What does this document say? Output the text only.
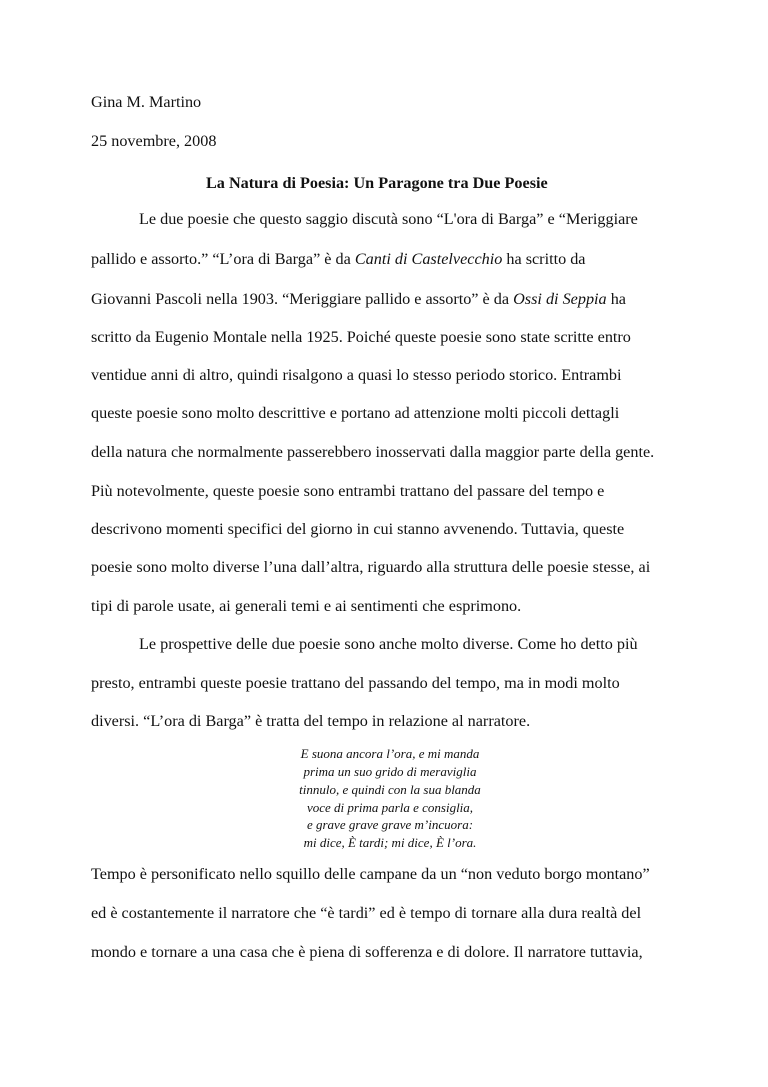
Gina M. Martino

25 novembre, 2008

La Natura di Poesia: Un Paragone tra Due Poesie

Le due poesie che questo saggio discutà sono “L'ora di Barga” e “Meriggiare

pallido e assorto.” “L’ora di Barga” è da Canti di Castelvecchio ha scritto da

Giovanni Pascoli nella 1903. “Meriggiare pallido e assorto” è da Ossi di Seppia ha

scritto da Eugenio Montale nella 1925. Poiché queste poesie sono state scritte entro

ventidue anni di altro, quindi risalgono a quasi lo stesso periodo storico. Entrambi

queste poesie sono molto descrittive e portano ad attenzione molti piccoli dettagli

della natura che normalmente passerebbero inosservati dalla maggior parte della gente.

Più notevolmente, queste poesie sono entrambi trattano del passare del tempo e

descrivono momenti specifici del giorno in cui stanno avvenendo. Tuttavia, queste

poesie sono molto diverse l’una dall’altra, riguardo alla struttura delle poesie stesse, ai

tipi di parole usate, ai generali temi e ai sentimenti che esprimono.

Le prospettive delle due poesie sono anche molto diverse. Come ho detto più

presto, entrambi queste poesie trattano del passando del tempo, ma in modi molto

diversi. “L’ora di Barga” è tratta del tempo in relazione al narratore.

E suona ancora l’ora, e mi manda

prima un suo grido di meraviglia

tinnulo, e quindi con la sua blanda

voce di prima parla e consiglia,

e grave grave grave m’incuora:

mi dice, È tardi; mi dice, È l’ora.

Tempo è personificato nello squillo delle campane da un “non veduto borgo montano”

ed è costantemente il narratore che “è tardi” ed è tempo di tornare alla dura realtà del

mondo e tornare a una casa che è piena di sofferenza e di dolore. Il narratore tuttavia,
